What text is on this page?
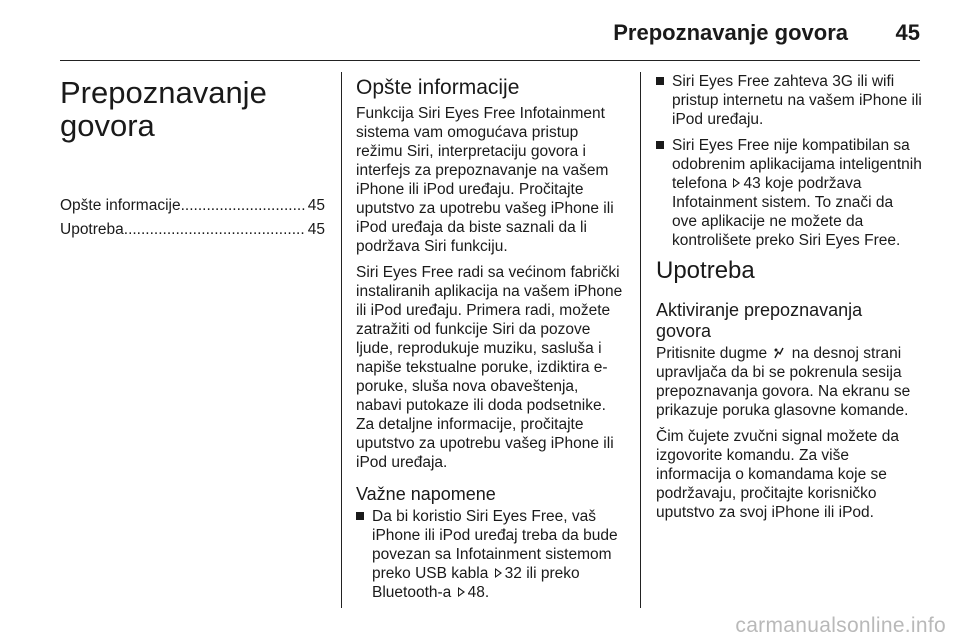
Prepoznavanje govora 45
Prepoznavanje
govora
Opšte informacije .....	45
Upotreba .....	45
Opšte informacije

Funkcija Siri Eyes Free Infotainment sistema vam omogućava pristup režimu Siri, interpretaciju govora i interfejs za prepoznavanje na vašem iPhone ili iPod uređaju. Pročitajte uputstvo za upotrebu vašeg iPhone ili iPod uređaja da biste saznali da li podržava Siri funkciju.

Siri Eyes Free radi sa većinom fabrički instaliranih aplikacija na vašem iPhone ili iPod uređaju. Primera radi, možete zatražiti od funkcije Siri da pozove ljude, reprodukuje muziku, sasluša i napiše tekstualne poruke, izdiktira e-poruke, sluša nova obaveštenja, nabavi putokaze ili doda podsetnike. Za detaljne informacije, pročitajte uputstvo za upotrebu vašeg iPhone ili iPod uređaja.

Važne napomene
Da bi koristio Siri Eyes Free, vaš iPhone ili iPod uređaj treba da bude povezan sa Infotainment sistemom preko USB kabla 32 ili preko Bluetooth-a 48.
Siri Eyes Free zahteva 3G ili wifi pristup internetu na vašem iPhone ili iPod uređaju.
Siri Eyes Free nije kompatibilan sa odobrenim aplikacijama inteligentnih telefona 43 koje podržava Infotainment sistem. To znači da ove aplikacije ne možete da kontrolišete preko Siri Eyes Free.
Upotreba
Aktiviranje prepoznavanja govora

Pritisnite dugme na desnoj strani upravljača da bi se pokrenula sesija prepoznavanja govora. Na ekranu se prikazuje poruka glasovne komande.

Čim čujete zvučni signal možete da izgovorite komandu. Za više informacija o komandama koje se podržavaju, pročitajte korisničko uputstvo za svoj iPhone ili iPod.

carmanualsonline.info
